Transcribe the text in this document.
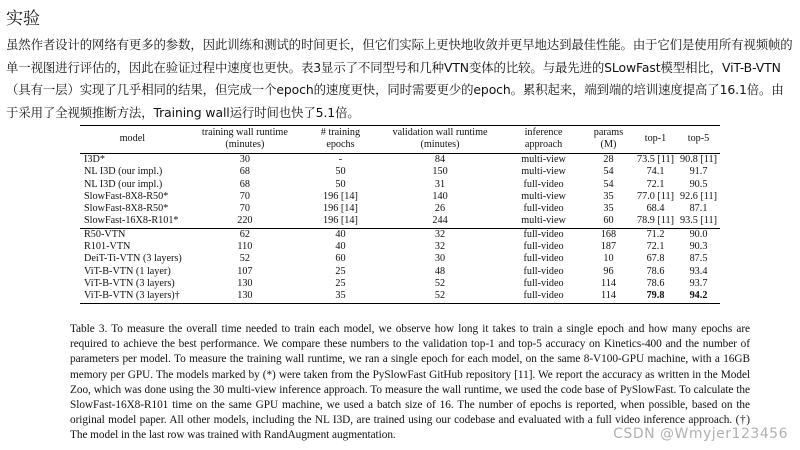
实验
虽然作者设计的网络有更多的参数，因此训练和测试的时间更长，但它们实际上更快地收敛并更早地达到最佳性能。由于它们是使用所有视频帧的单一视图进行评估的，因此在验证过程中速度也更快。表3显示了不同型号和几种VTN变体的比较。与最先进的SLowFast模型相比，ViT-B-VTN（具有一层）实现了几乎相同的结果，但完成一个epoch的速度更快，同时需要更少的epoch。累积起来，端到端的培训速度提高了16.1倍。由于采用了全视频推断方法，Training wall运行时间也快了5.1倍。
model	training wall runtime (minutes)	# training epochs	validation wall runtime (minutes)	inference approach	params (M)	top-1	top-5
I3D*	30	-	84	multi-view	28	73.5 [11]	90.8 [11]
NL I3D (our impl.)	68	50	150	multi-view	54	74.1	91.7
NL I3D (our impl.)	68	50	31	full-video	54	72.1	90.5
SlowFast-8X8-R50*	70	196 [14]	140	multi-view	35	77.0 [11]	92.6 [11]
SlowFast-8X8-R50*	70	196 [14]	26	full-video	35	68.4	87.1
SlowFast-16X8-R101*	220	196 [14]	244	multi-view	60	78.9 [11]	93.5 [11]
R50-VTN	62	40	32	full-video	168	71.2	90.0
R101-VTN	110	40	32	full-video	187	72.1	90.3
DeiT-Ti-VTN (3 layers)	52	60	30	full-video	10	67.8	87.5
ViT-B-VTN (1 layer)	107	25	48	full-video	96	78.6	93.4
ViT-B-VTN (3 layers)	130	25	52	full-video	114	78.6	93.7
ViT-B-VTN (3 layers)†	130	35	52	full-video	114	79.8	94.2
Table 3. To measure the overall time needed to train each model, we observe how long it takes to train a single epoch and how many epochs are required to achieve the best performance. We compare these numbers to the validation top-1 and top-5 accuracy on Kinetics-400 and the number of parameters per model. To measure the training wall runtime, we ran a single epoch for each model, on the same 8-V100-GPU machine, with a 16GB memory per GPU. The models marked by (*) were taken from the PySlowFast GitHub repository [11]. We report the accuracy as written in the Model Zoo, which was done using the 30 multi-view inference approach. To measure the wall runtime, we used the code base of PySlowFast. To calculate the SlowFast-16X8-R101 time on the same GPU machine, we used a batch size of 16. The number of epochs is reported, when possible, based on the original model paper. All other models, including the NL I3D, are trained using our codebase and evaluated with a full video inference approach. (†) The model in the last row was trained with RandAugment augmentation.	CSDN @Wmyjer123456
